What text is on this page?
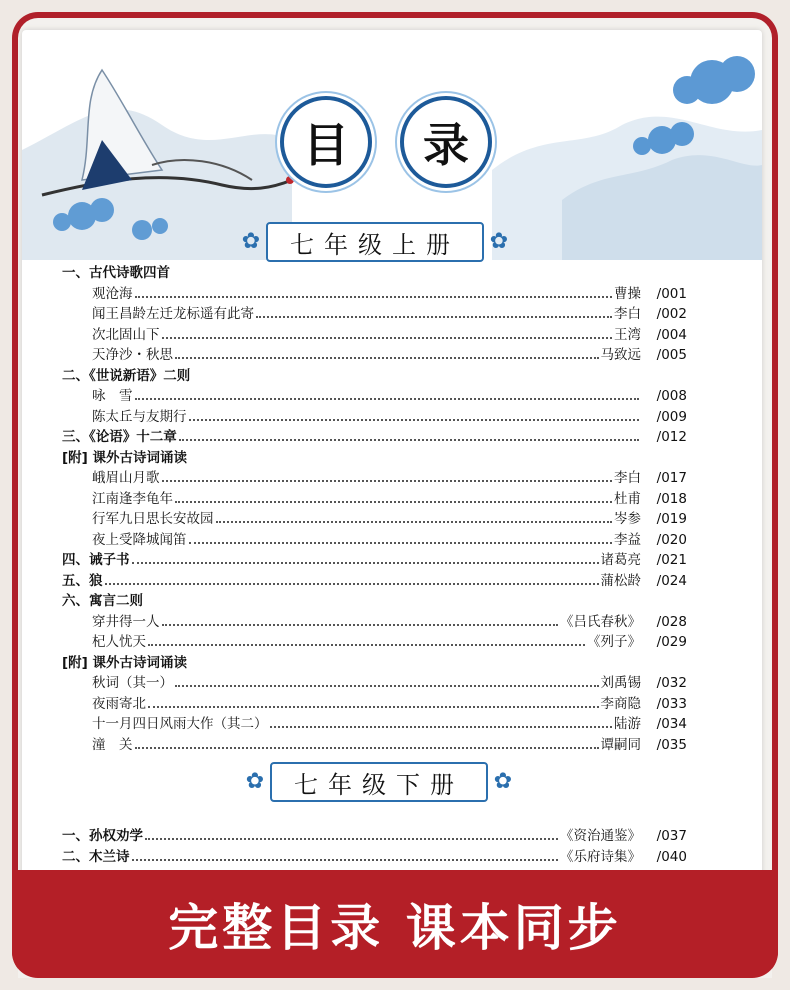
目	录
✿	七年级上册	✿
一、古代诗歌四首
观沧海	曹操	/001
闻王昌龄左迁龙标遥有此寄	李白	/002
次北固山下	王湾	/004
天净沙・秋思	马致远	/005
二、《世说新语》二则
咏　雪	/008
陈太丘与友期行	/009
三、《论语》十二章	/012
[附] 课外古诗词诵读
峨眉山月歌	李白	/017
江南逢李龟年	杜甫	/018
行军九日思长安故园	岑参	/019
夜上受降城闻笛	李益	/020
四、诫子书	诸葛亮	/021
五、狼	蒲松龄	/024
六、寓言二则
穿井得一人	《吕氏春秋》	/028
杞人忧天	《列子》	/029
[附] 课外古诗词诵读
秋词（其一）	刘禹锡	/032
夜雨寄北	李商隐	/033
十一月四日风雨大作（其二）	陆游	/034
潼　关	谭嗣同	/035
✿	七年级下册	✿
一、孙权劝学	《资治通鉴》	/037
二、木兰诗	《乐府诗集》	/040
完整目录 课本同步
